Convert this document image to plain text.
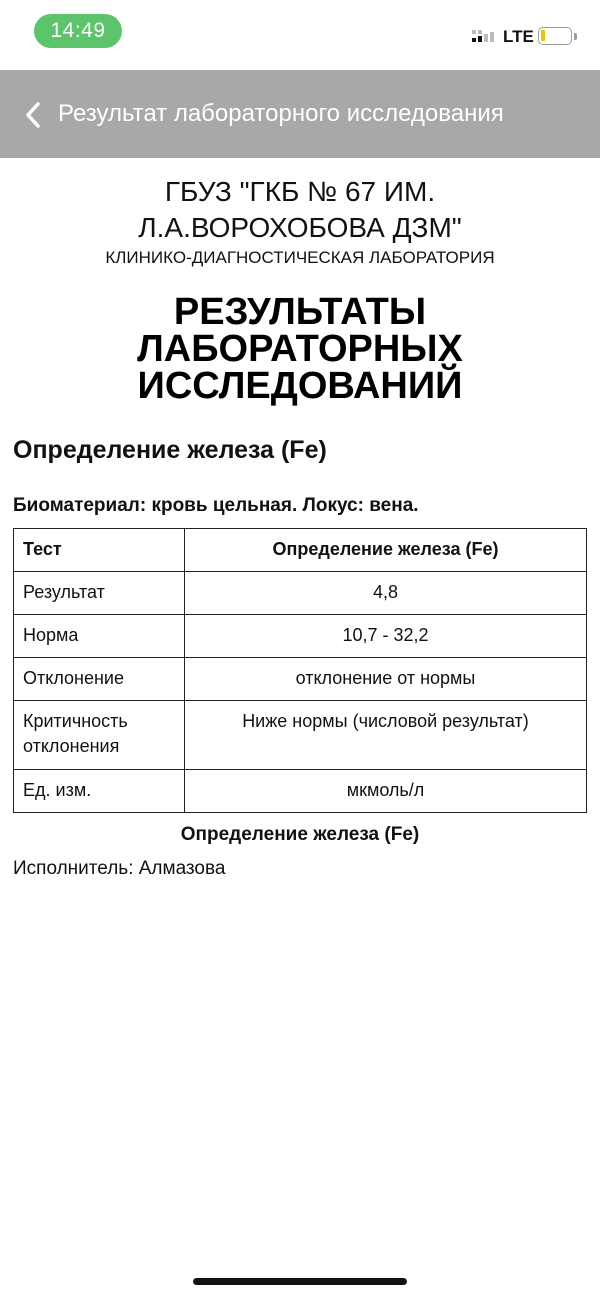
14:49	LTE
Результат лабораторного исследования
ГБУЗ "ГКБ № 67 ИМ.
Л.А.ВОРОХОБОВА ДЗМ"
КЛИНИКО-ДИАГНОСТИЧЕСКАЯ ЛАБОРАТОРИЯ
РЕЗУЛЬТАТЫ
ЛАБОРАТОРНЫХ
ИССЛЕДОВАНИЙ
Определение железа (Fe)
Биоматериал: кровь цельная. Локус: вена.
Тест	Определение железа (Fe)
Результат	4,8
Норма	10,7 - 32,2
Отклонение	отклонение от нормы

Критичность
отклонения	Ниже нормы (числовой результат)
Ед. изм.	мкмоль/л
Определение железа (Fe)
Исполнитель: Алмазова
